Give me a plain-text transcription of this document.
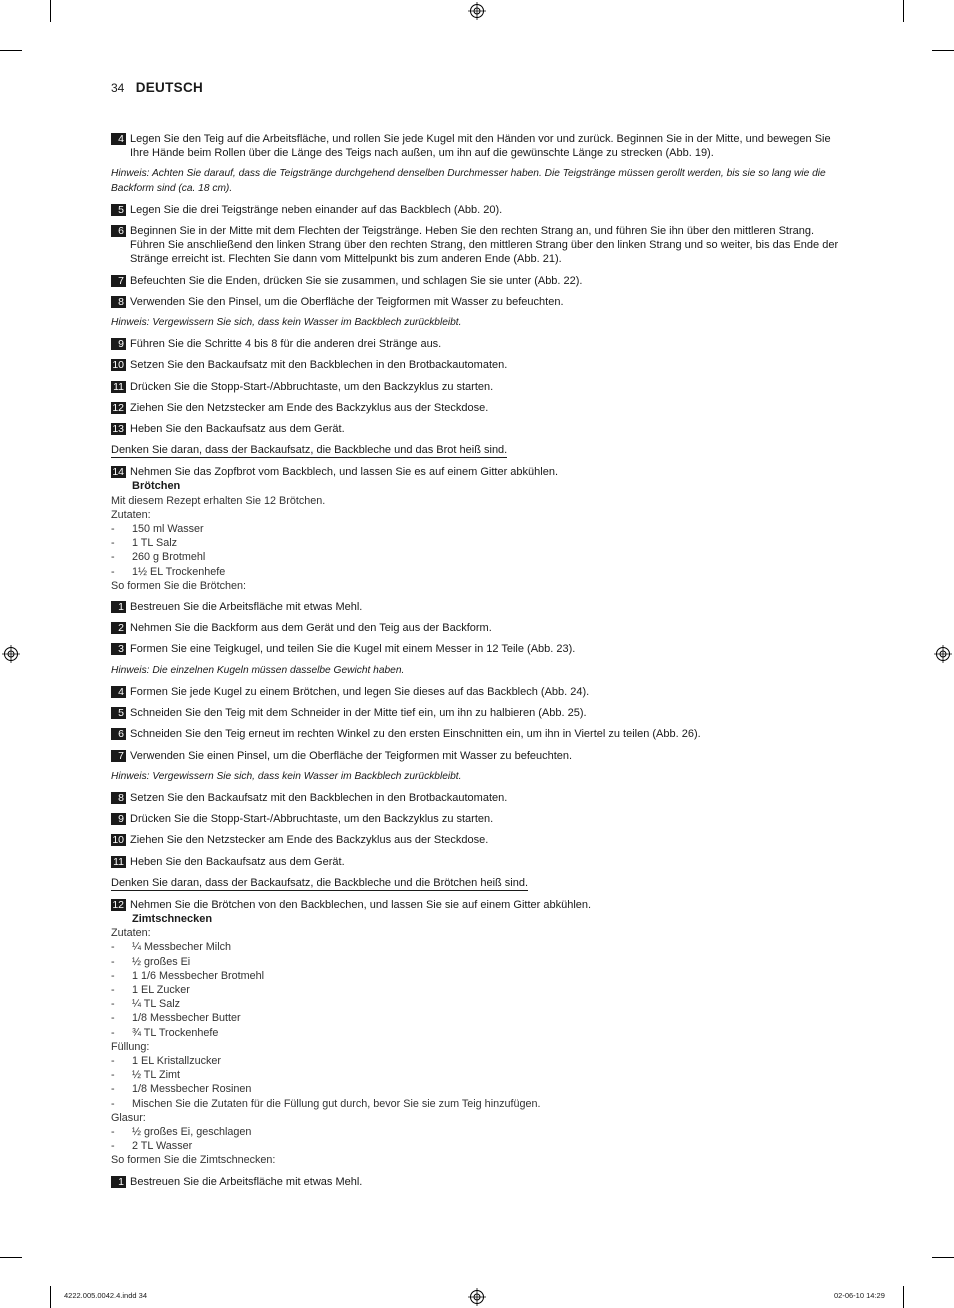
34 DEUTSCH
4 Legen Sie den Teig auf die Arbeitsfläche, und rollen Sie jede Kugel mit den Händen vor und zurück. Beginnen Sie in der Mitte, und bewegen Sie Ihre Hände beim Rollen über die Länge des Teigs nach außen, um ihn auf die gewünschte Länge zu strecken (Abb. 19).
Hinweis: Achten Sie darauf, dass die Teigstränge durchgehend denselben Durchmesser haben. Die Teigstränge müssen gerollt werden, bis sie so lang wie die Backform sind (ca. 18 cm).
5 Legen Sie die drei Teigstränge neben einander auf das Backblech (Abb. 20).
6 Beginnen Sie in der Mitte mit dem Flechten der Teigstränge. Heben Sie den rechten Strang an, und führen Sie ihn über den mittleren Strang. Führen Sie anschließend den linken Strang über den rechten Strang, den mittleren Strang über den linken Strang und so weiter, bis das Ende der Stränge erreicht ist. Flechten Sie dann vom Mittelpunkt bis zum anderen Ende (Abb. 21).
7 Befeuchten Sie die Enden, drücken Sie sie zusammen, und schlagen Sie sie unter (Abb. 22).
8 Verwenden Sie den Pinsel, um die Oberfläche der Teigformen mit Wasser zu befeuchten.
Hinweis: Vergewissern Sie sich, dass kein Wasser im Backblech zurückbleibt.
9 Führen Sie die Schritte 4 bis 8 für die anderen drei Stränge aus.
10 Setzen Sie den Backaufsatz mit den Backblechen in den Brotbackautomaten.
11 Drücken Sie die Stopp-Start-/Abbruchtaste, um den Backzyklus zu starten.
12 Ziehen Sie den Netzstecker am Ende des Backzyklus aus der Steckdose.
13 Heben Sie den Backaufsatz aus dem Gerät.
Denken Sie daran, dass der Backaufsatz, die Backbleche und das Brot heiß sind.
14 Nehmen Sie das Zopfbrot vom Backblech, und lassen Sie es auf einem Gitter abkühlen.
Brötchen
Mit diesem Rezept erhalten Sie 12 Brötchen.
Zutaten:
-	150 ml Wasser
-	1 TL Salz
-	260 g Brotmehl
-	1½ EL Trockenhefe
So formen Sie die Brötchen:
1 Bestreuen Sie die Arbeitsfläche mit etwas Mehl.
2 Nehmen Sie die Backform aus dem Gerät und den Teig aus der Backform.
3 Formen Sie eine Teigkugel, und teilen Sie die Kugel mit einem Messer in 12 Teile (Abb. 23).
Hinweis: Die einzelnen Kugeln müssen dasselbe Gewicht haben.
4 Formen Sie jede Kugel zu einem Brötchen, und legen Sie dieses auf das Backblech (Abb. 24).
5 Schneiden Sie den Teig mit dem Schneider in der Mitte tief ein, um ihn zu halbieren (Abb. 25).
6 Schneiden Sie den Teig erneut im rechten Winkel zu den ersten Einschnitten ein, um ihn in Viertel zu teilen (Abb. 26).
7 Verwenden Sie einen Pinsel, um die Oberfläche der Teigformen mit Wasser zu befeuchten.
Hinweis: Vergewissern Sie sich, dass kein Wasser im Backblech zurückbleibt.
8 Setzen Sie den Backaufsatz mit den Backblechen in den Brotbackautomaten.
9 Drücken Sie die Stopp-Start-/Abbruchtaste, um den Backzyklus zu starten.
10 Ziehen Sie den Netzstecker am Ende des Backzyklus aus der Steckdose.
11 Heben Sie den Backaufsatz aus dem Gerät.
Denken Sie daran, dass der Backaufsatz, die Backbleche und die Brötchen heiß sind.
12 Nehmen Sie die Brötchen von den Backblechen, und lassen Sie sie auf einem Gitter abkühlen.
Zimtschnecken
Zutaten:
-	¼ Messbecher Milch
-	½ großes Ei
-	1 1/6 Messbecher Brotmehl
-	1 EL Zucker
-	¼ TL Salz
-	1/8 Messbecher Butter
-	¾ TL Trockenhefe
Füllung:
-	1 EL Kristallzucker
-	½ TL Zimt
-	1/8 Messbecher Rosinen
-	Mischen Sie die Zutaten für die Füllung gut durch, bevor Sie sie zum Teig hinzufügen.
Glasur:
-	½ großes Ei, geschlagen
-	2 TL Wasser
So formen Sie die Zimtschnecken:
1 Bestreuen Sie die Arbeitsfläche mit etwas Mehl.
4222.005.0042.4.indd 34	02-06-10 14:29
